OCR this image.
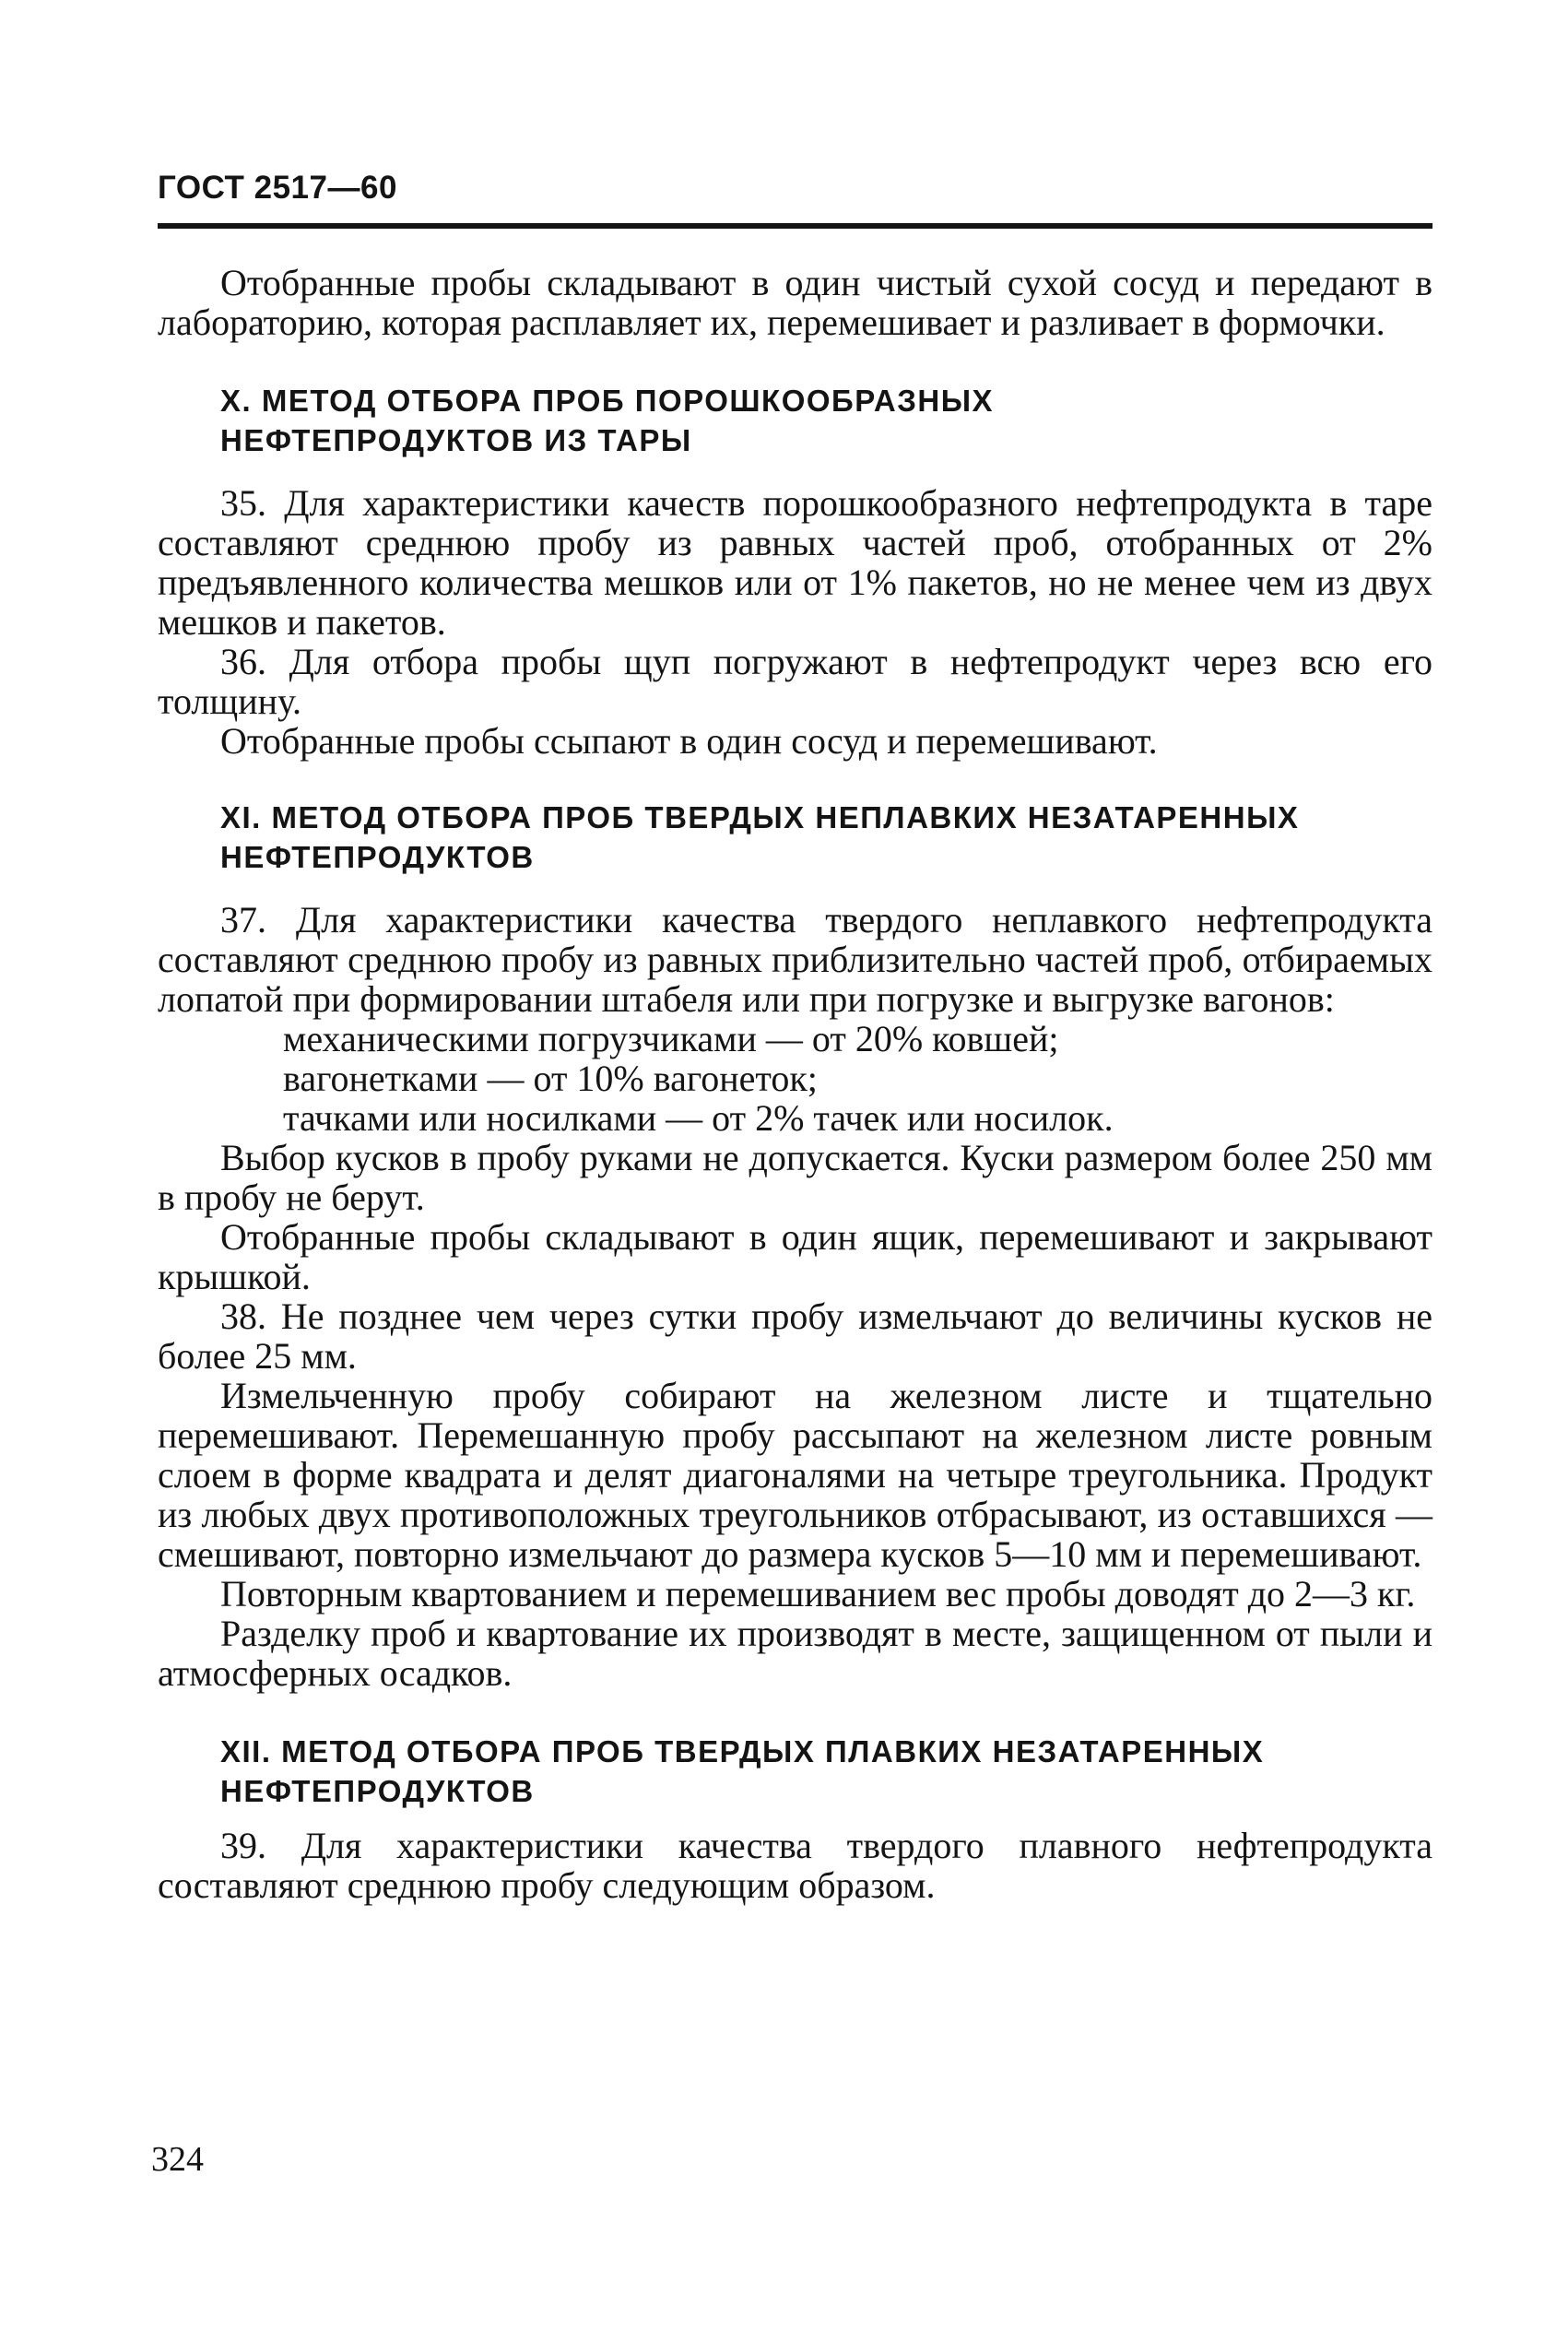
ГОСТ 2517—60

Отобранные пробы складывают в один чистый сухой сосуд и передают в лабораторию, которая расплавляет их, перемешивает и разливает в формочки.

X. МЕТОД ОТБОРА ПРОБ ПОРОШКООБРАЗНЫХ

НЕФТЕПРОДУКТОВ ИЗ ТАРЫ

35. Для характеристики качеств порошкообразного нефтепродукта в таре составляют среднюю пробу из равных частей проб, отобранных от 2% предъявленного количества мешков или от 1% пакетов, но не менее чем из двух мешков и пакетов.

36. Для отбора пробы щуп погружают в нефтепродукт через всю его толщину.

Отобранные пробы ссыпают в один сосуд и перемешивают.

XI. МЕТОД ОТБОРА ПРОБ ТВЕРДЫХ НЕПЛАВКИХ НЕЗАТАРЕННЫХ

НЕФТЕПРОДУКТОВ

37. Для характеристики качества твердого неплавкого нефтепродукта составляют среднюю пробу из равных приблизительно частей проб, отбираемых лопатой при формировании штабеля или при погрузке и выгрузке вагонов:

механическими погрузчиками — от 20% ковшей;

вагонетками — от 10% вагонеток;

тачками или носилками — от 2% тачек или носилок.

Выбор кусков в пробу руками не допускается. Куски размером более 250 мм в пробу не берут.

Отобранные пробы складывают в один ящик, перемешивают и закрывают крышкой.

38. Не позднее чем через сутки пробу измельчают до величины кусков не более 25 мм.

Измельченную пробу собирают на железном листе и тщательно перемешивают. Перемешанную пробу рассыпают на железном листе ровным слоем в форме квадрата и делят диагоналями на четыре треугольника. Продукт из любых двух противоположных треугольников отбрасывают, из оставшихся — смешивают, повторно измельчают до размера кусков 5—10 мм и перемешивают.

Повторным квартованием и перемешиванием вес пробы доводят до 2—3 кг.

Разделку проб и квартование их производят в месте, защищенном от пыли и атмосферных осадков.

XII. МЕТОД ОТБОРА ПРОБ ТВЕРДЫХ ПЛАВКИХ НЕЗАТАРЕННЫХ

НЕФТЕПРОДУКТОВ

39. Для характеристики качества твердого плавного нефтепродукта составляют среднюю пробу следующим образом.

324
